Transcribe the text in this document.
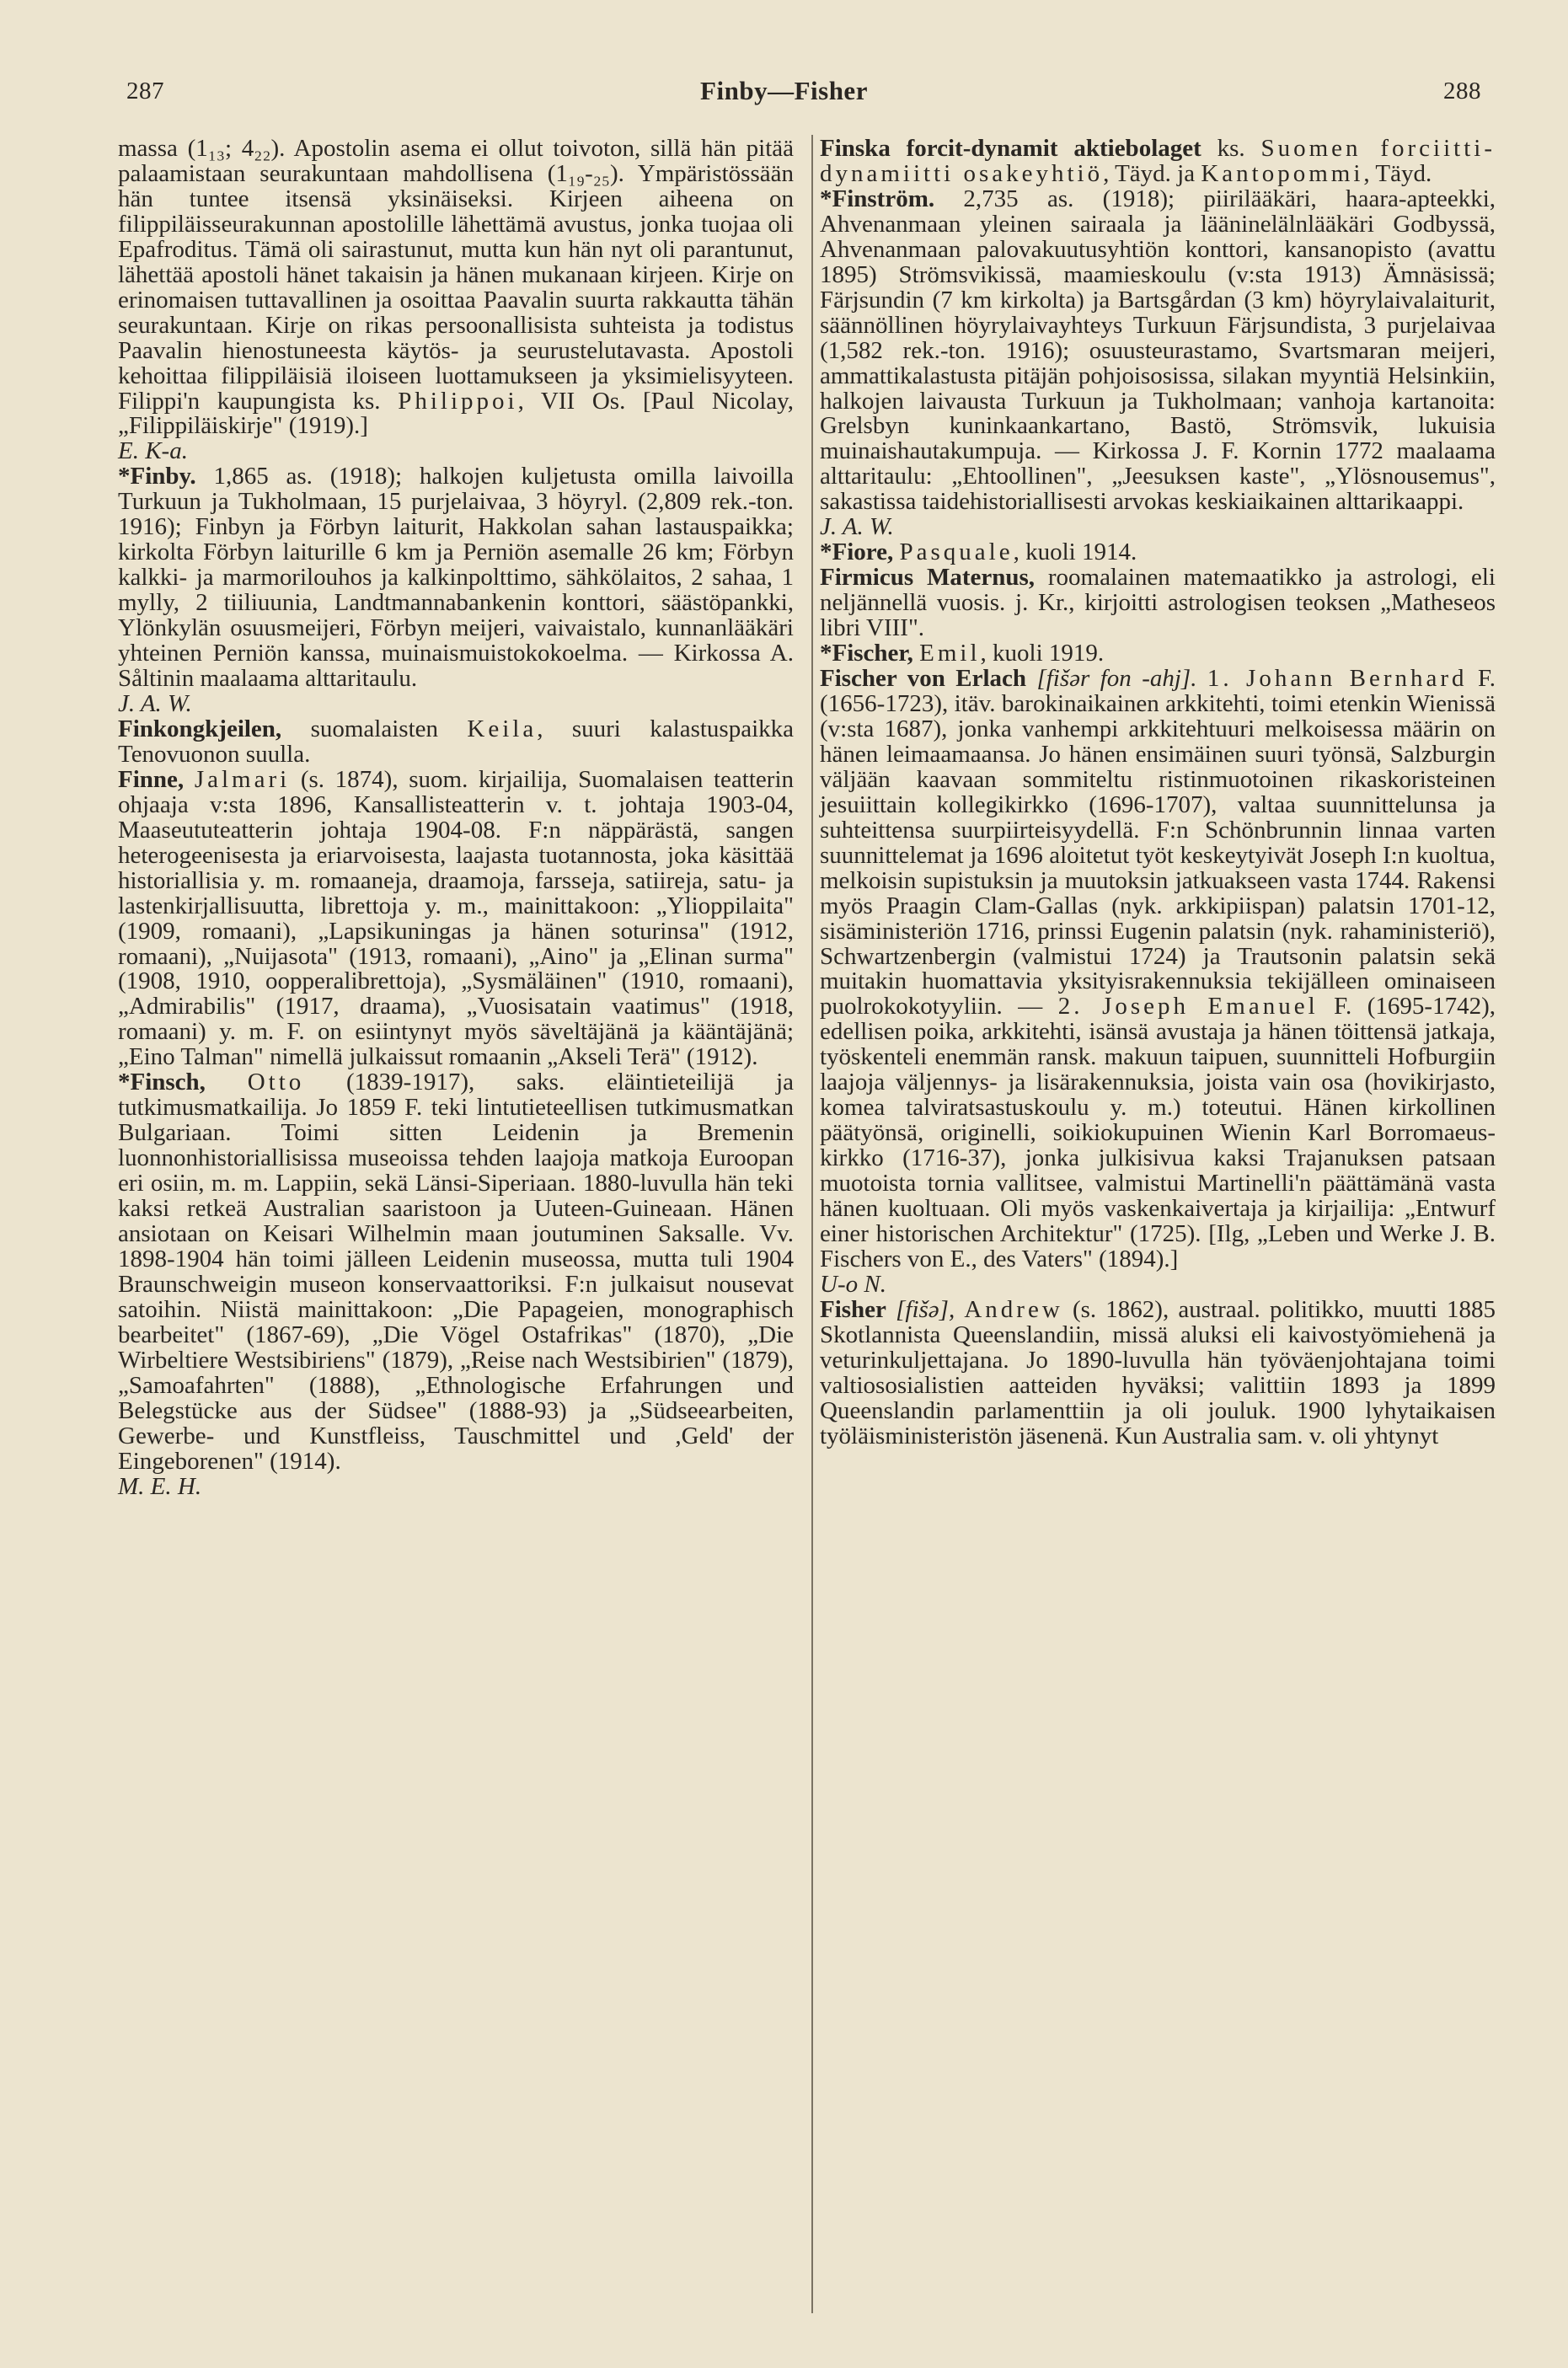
287	Finby—Fisher	288

massa (1₁₃; 4₂₂). Apostolin asema ei ollut toivoton, sillä hän pitää palaamistaan seurakuntaan mahdollisena (1₁₉-₂₅). Ympäristössään hän tuntee itsensä yksinäiseksi. Kirjeen aiheena on filippiläisseurakunnan apostolille lähettämä avustus, jonka tuojaa oli Epafroditus. Tämä oli sairastunut, mutta kun hän nyt oli parantunut, lähettää apostoli hänet takaisin ja hänen mukanaan kirjeen. Kirje on erinomaisen tuttavallinen ja osoittaa Paavalin suurta rakkautta tähän seurakuntaan. Kirje on rikas persoonallisista suhteista ja todistus Paavalin hienostuneesta käytös- ja seurustelutavasta. Apostoli kehoittaa filippiläisiä iloiseen luottamukseen ja yksimielisyyteen. Filippi'n kaupungista ks. Philippoi, VII Os. [Paul Nicolay, „Filippiläiskirje" (1919).]
E. K-a.

*Finby. 1,865 as. (1918); halkojen kuljetusta omilla laivoilla Turkuun ja Tukholmaan, 15 purjelaivaa, 3 höyryl. (2,809 rek.-ton. 1916); Finbyn ja Förbyn laiturit, Hakkolan sahan lastauspaikka; kirkolta Förbyn laiturille 6 km ja Perniön asemalle 26 km; Förbyn kalkki- ja marmorilouhos ja kalkinpolttimo, sähkölaitos, 2 sahaa, 1 mylly, 2 tiiliuunia, Landtmannabankenin konttori, säästöpankki, Ylönkylän osuusmeijeri, Förbyn meijeri, vaivaistalo, kunnanlääkäri yhteinen Perniön kanssa, muinaismuistokokoelma. — Kirkossa A. Såltinin maalaama alttaritaulu.
J. A. W.

Finkongkjeilen, suomalaisten Keila, suuri kalastuspaikka Tenovuonon suulla.

Finne, Jalmari (s. 1874), suom. kirjailija, Suomalaisen teatterin ohjaaja v:sta 1896, Kansallisteatterin v. t. johtaja 1903-04, Maaseututeatterin johtaja 1904-08. F:n näppärästä, sangen heterogeenisesta ja eriarvoisesta, laajasta tuotannosta, joka käsittää historiallisia y. m. romaaneja, draamoja, farsseja, satiireja, satu- ja lastenkirjallisuutta, librettoja y. m., mainittakoon: „Ylioppilaita" (1909, romaani), „Lapsikuningas ja hänen soturinsa" (1912, romaani), „Nuijasota" (1913, romaani), „Aino" ja „Elinan surma" (1908, 1910, oopperalibrettoja), „Sysmäläinen" (1910, romaani), „Admirabilis" (1917, draama), „Vuosisatain vaatimus" (1918, romaani) y. m. F. on esiintynyt myös säveltäjänä ja kääntäjänä; „Eino Talman" nimellä julkaissut romaanin „Akseli Terä" (1912).

*Finsch, Otto (1839-1917), saks. eläintieteilijä ja tutkimusmatkailija. Jo 1859 F. teki lintutieteellisen tutkimusmatkan Bulgariaan. Toimi sitten Leidenin ja Bremenin luonnonhistoriallisissa museoissa tehden laajoja matkoja Euroopan eri osiin, m. m. Lappiin, sekä Länsi-Siperiaan. 1880-luvulla hän teki kaksi retkeä Australian saaristoon ja Uuteen-Guineaan. Hänen ansiotaan on Keisari Wilhelmin maan joutuminen Saksalle. Vv. 1898-1904 hän toimi jälleen Leidenin museossa, mutta tuli 1904 Braunschweigin museon konservaattoriksi. F:n julkaisut nousevat satoihin. Niistä mainittakoon: „Die Papageien, monographisch bearbeitet" (1867-69), „Die Vögel Ostafrikas" (1870), „Die Wirbeltiere Westsibiriens" (1879), „Reise nach Westsibirien" (1879), „Samoafahrten" (1888), „Ethnologische Erfahrungen und Belegstücke aus der Südsee" (1888-93) ja „Südseearbeiten, Gewerbe- und Kunstfleiss, Tauschmittel und ,Geld' der Eingeborenen" (1914).
M. E. H.

Finska forcit-dynamit aktiebolaget ks. Suomen forciitti-dynamiitti osakeyhtiö, Täyd. ja Kantopommi, Täyd.

*Finström. 2,735 as. (1918); piirilääkäri, haara-apteekki, Ahvenanmaan yleinen sairaala ja lääninelälnlääkäri Godbyssä, Ahvenanmaan palovakuutusyhtiön konttori, kansanopisto (avattu 1895) Strömsvikissä, maamieskoulu (v:sta 1913) Ämnäsissä; Färjsundin (7 km kirkolta) ja Bartsgårdan (3 km) höyrylaivalaiturit, säännöllinen höyrylaivayhteys Turkuun Färjsundista, 3 purjelaivaa (1,582 rek.-ton. 1916); osuusteurastamo, Svartsmaran meijeri, ammattikalastusta pitäjän pohjoisosissa, silakan myyntiä Helsinkiin, halkojen laivausta Turkuun ja Tukholmaan; vanhoja kartanoita: Grelsbyn kuninkaankartano, Bastö, Strömsvik, lukuisia muinaishautakumpuja. — Kirkossa J. F. Kornin 1772 maalaama alttaritaulu: „Ehtoollinen", „Jeesuksen kaste", „Ylösnousemus", sakastissa taidehistoriallisesti arvokas keskiaikainen alttarikaappi.
J. A. W.

*Fiore, Pasquale, kuoli 1914.

Firmicus Maternus, roomalainen matemaatikko ja astrologi, eli neljännellä vuosis. j. Kr., kirjoitti astrologisen teoksen „Matheseos libri VIII".

*Fischer, Emil, kuoli 1919.

Fischer von Erlach [fišər fon -ahj]. 1. Johann Bernhard F. (1656-1723), itäv. barokinaikainen arkkitehti, toimi etenkin Wienissä (v:sta 1687), jonka vanhempi arkkitehtuuri melkoisessa määrin on hänen leimaamaansa. Jo hänen ensimäinen suuri työnsä, Salzburgin väljään kaavaan sommiteltu ristinmuotoinen rikaskoristeinen jesuiittain kollegikirkko (1696-1707), valtaa suunnittelunsa ja suhteittensa suurpiirteisyydellä. F:n Schönbrunnin linnaa varten suunnittelemat ja 1696 aloitetut työt keskeytyivät Joseph I:n kuoltua, melkoisin supistuksin ja muutoksin jatkuakseen vasta 1744. Rakensi myös Praagin Clam-Gallas (nyk. arkkipiispan) palatsin 1701-12, sisäministeriön 1716, prinssi Eugenin palatsin (nyk. rahaministeriö), Schwartzenbergin (valmistui 1724) ja Trautsonin palatsin sekä muitakin huomattavia yksityisrakennuksia tekijälleen ominaiseen puolrokokotyyliin. — 2. Joseph Emanuel F. (1695-1742), edellisen poika, arkkitehti, isänsä avustaja ja hänen töittensä jatkaja, työskenteli enemmän ransk. makuun taipuen, suunnitteli Hofburgiin laajoja väljennys- ja lisärakennuksia, joista vain osa (hovikirjasto, komea talviratsastuskoulu y. m.) toteutui. Hänen kirkollinen päätyönsä, originelli, soikiokupuinen Wienin Karl Borromaeus-kirkko (1716-37), jonka julkisivua kaksi Trajanuksen patsaan muotoista tornia vallitsee, valmistui Martinelli'n päättämänä vasta hänen kuoltuaan. Oli myös vaskenkaivertaja ja kirjailija: „Entwurf einer historischen Architektur" (1725). [Ilg, „Leben und Werke J. B. Fischers von E., des Vaters" (1894).]
U-o N.

Fisher [fišə], Andrew (s. 1862), austraal. politikko, muutti 1885 Skotlannista Queenslandiin, missä aluksi eli kaivostyömiehenä ja veturinkuljettajana. Jo 1890-luvulla hän työväenjohtajana toimi valtiososialistien aatteiden hyväksi; valittiin 1893 ja 1899 Queenslandin parlamenttiin ja oli jouluk. 1900 lyhytaikaisen työläisministeristön jäsenenä. Kun Australia sam. v. oli yhtynyt
